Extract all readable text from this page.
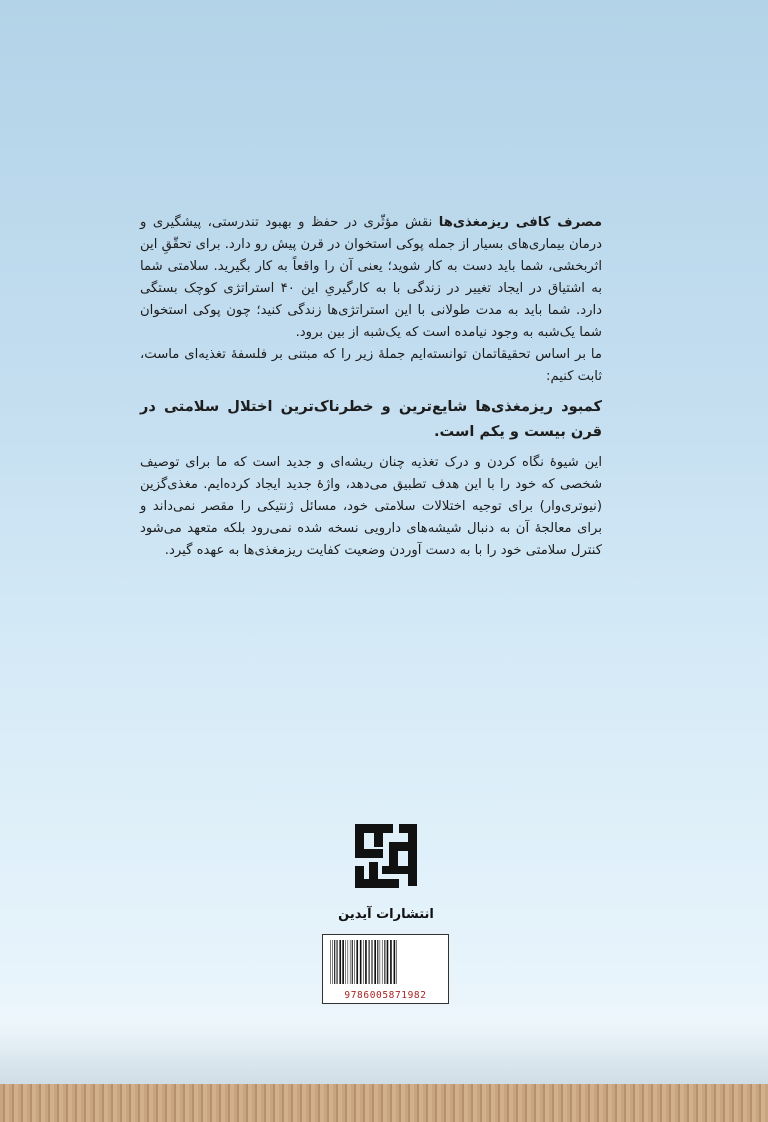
مصرف کافی ریزمغذی‌ها نقش مؤثّری در حفظ و بهبود تندرستی، پیشگیری و درمان بیماری‌های بسیار از جمله پوکی استخوان در قرن پیش رو دارد. برای تحقّقِ این اثربخشی، شما باید دست به کار شوید؛ یعنی آن را واقعاً به کار بگیرید. سلامتی شما به اشتیاق در ایجاد تغییر در زندگی با به کارگیریِ این ۴۰ استراتژی کوچک بستگی دارد. شما باید به مدت طولانی با این استراتژی‌ها زندگی کنید؛ چون پوکی استخوان شما یک‌شبه به وجود نیامده است که یک‌شبه از بین برود.

ما بر اساس تحقیقاتمان توانسته‌ایم جملهٔ زیر را که مبتنی بر فلسفهٔ تغذیه‌ای ماست، ثابت کنیم:

کمبود ریزمغذی‌ها شایع‌ترین و خطرناک‌ترین اختلال سلامتی در قرن بیست و یکم است.

این شیوهٔ نگاه کردن و درک تغذیه چنان ریشه‌ای و جدید است که ما برای توصیف شخصی که خود را با این هدف تطبیق می‌دهد، واژهٔ جدید ایجاد کرده‌ایم. مغذی‌گزین (نیوتری‌وار) برای توجیه اختلالات سلامتی خود، مسائل ژنتیکی را مقصر نمی‌داند و برای معالجهٔ آن به دنبال شیشه‌های دارویی نسخه شده نمی‌رود بلکه متعهد می‌شود کنترل سلامتی خود را با به دست آوردن وضعیت کفایت ریزمغذی‌ها به عهده گیرد.

انتشارات آیدین
9786005871982
